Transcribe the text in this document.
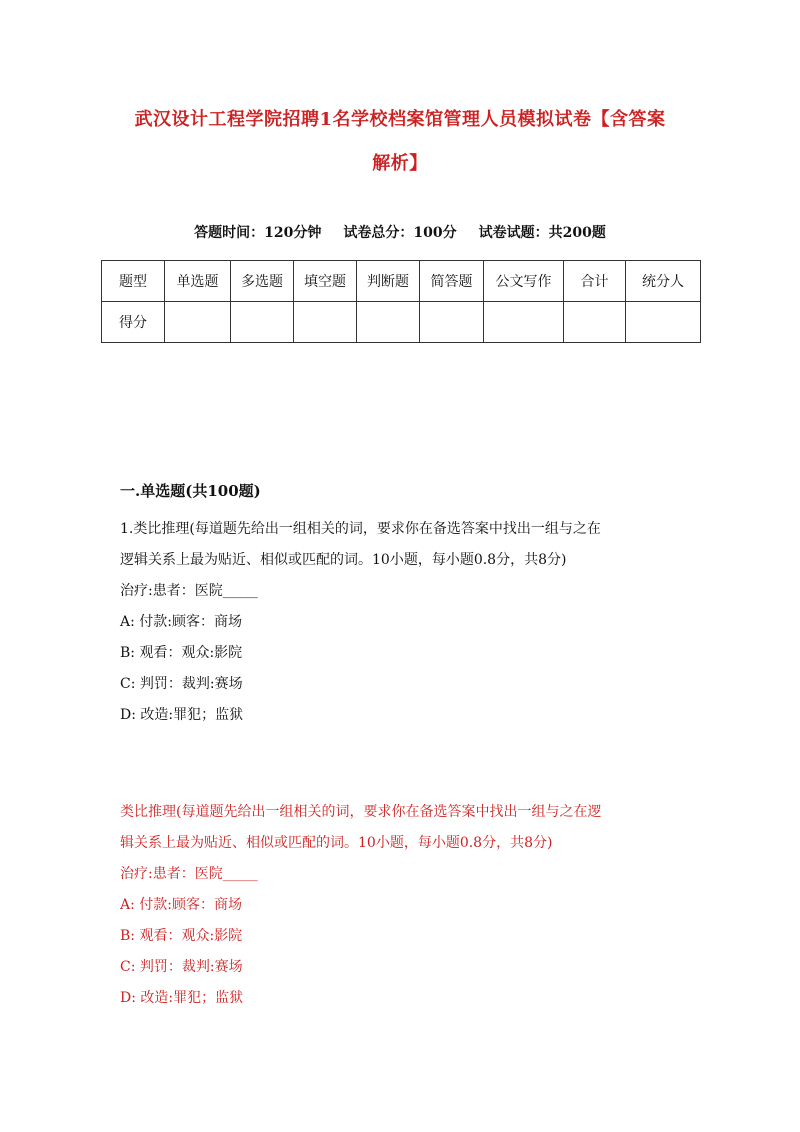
武汉设计工程学院招聘1名学校档案馆管理人员模拟试卷【含答案
解析】
答题时间：120分钟 试卷总分：100分 试卷试题：共200题
题型	单选题	多选题	填空题	判断题	简答题	公文写作	合计	统分人
得分								
一.单选题(共100题)
1.类比推理(每道题先给出一组相关的词，要求你在备选答案中找出一组与之在
逻辑关系上最为贴近、相似或匹配的词。10小题，每小题0.8分，共8分)
治疗:患者：医院_____
A: 付款:顾客：商场
B: 观看：观众:影院
C: 判罚：裁判:赛场
D: 改造:罪犯；监狱
类比推理(每道题先给出一组相关的词，要求你在备选答案中找出一组与之在逻
辑关系上最为贴近、相似或匹配的词。10小题，每小题0.8分，共8分)
治疗:患者：医院_____
A: 付款:顾客：商场
B: 观看：观众:影院
C: 判罚：裁判:赛场
D: 改造:罪犯；监狱
